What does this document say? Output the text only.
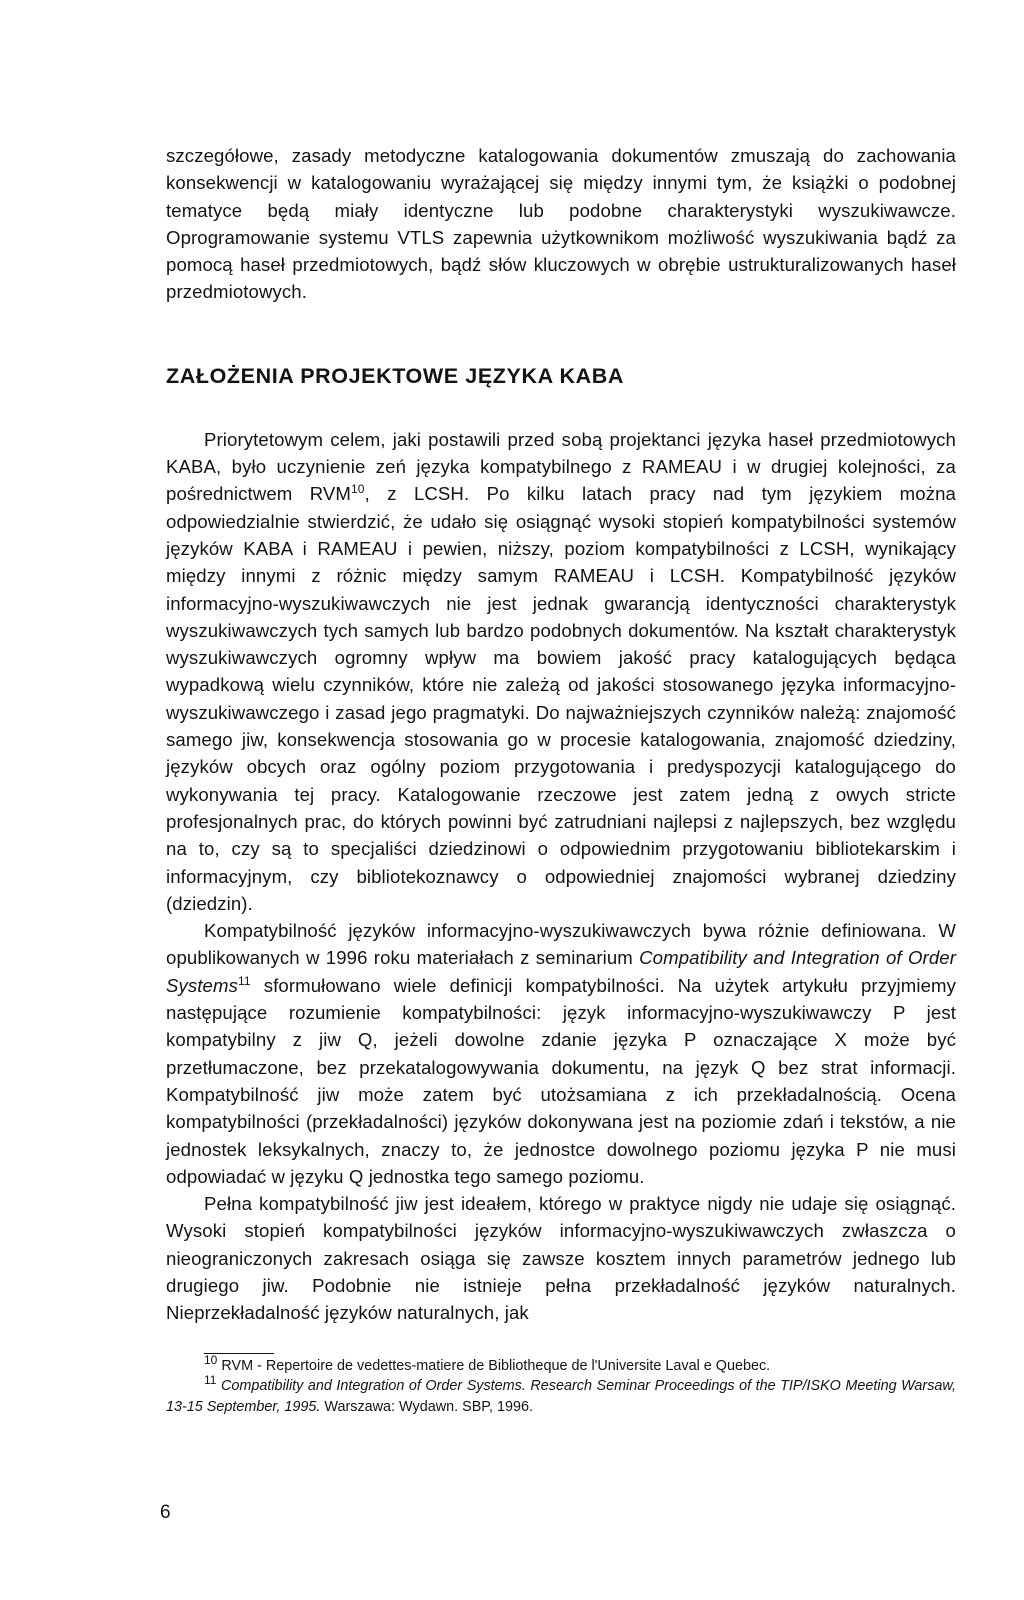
szczegółowe, zasady metodyczne katalogowania dokumentów zmuszają do zachowania konsekwencji w katalogowaniu wyrażającej się między innymi tym, że książki o podobnej tematyce będą miały identyczne lub podobne charakterystyki wyszukiwawcze. Oprogramowanie systemu VTLS zapewnia użytkownikom możliwość wyszukiwania bądź za pomocą haseł przedmiotowych, bądź słów kluczowych w obrębie ustrukturalizowanych haseł przedmiotowych.

ZAŁOŻENIA PROJEKTOWE JĘZYKA KABA

Priorytetowym celem, jaki postawili przed sobą projektanci języka haseł przedmiotowych KABA, było uczynienie zeń języka kompatybilnego z RAMEAU i w drugiej kolejności, za pośrednictwem RVM$^{10}$, z LCSH. Po kilku latach pracy nad tym językiem można odpowiedzialnie stwierdzić, że udało się osiągnąć wysoki stopień kompatybilności systemów języków KABA i RAMEAU i pewien, niższy, poziom kompatybilności z LCSH, wynikający między innymi z różnic między samym RAMEAU i LCSH. Kompatybilność języków informacyjno-wyszukiwawczych nie jest jednak gwarancją identyczności charakterystyk wyszukiwawczych tych samych lub bardzo podobnych dokumentów. Na kształt charakterystyk wyszukiwawczych ogromny wpływ ma bowiem jakość pracy katalogujących będąca wypadkową wielu czynników, które nie zależą od jakości stosowanego języka informacyjno-wyszukiwawczego i zasad jego pragmatyki. Do najważniejszych czynników należą: znajomość samego jiw, konsekwencja stosowania go w procesie katalogowania, znajomość dziedziny, języków obcych oraz ogólny poziom przygotowania i predyspozycji katalogującego do wykonywania tej pracy. Katalogowanie rzeczowe jest zatem jedną z owych stricte profesjonalnych prac, do których powinni być zatrudniani najlepsi z najlepszych, bez względu na to, czy są to specjaliści dziedzinowi o odpowiednim przygotowaniu bibliotekarskim i informacyjnym, czy bibliotekoznawcy o odpowiedniej znajomości wybranej dziedziny (dziedzin).

Kompatybilność języków informacyjno-wyszukiwawczych bywa różnie definiowana. W opublikowanych w 1996 roku materiałach z seminarium Compatibility and Integration of Order Systems$^{11}$ sformułowano wiele definicji kompatybilności. Na użytek artykułu przyjmiemy następujące rozumienie kompatybilności: język informacyjno-wyszukiwawczy P jest kompatybilny z jiw Q, jeżeli dowolne zdanie języka P oznaczające X może być przetłumaczone, bez przekatalogowywania dokumentu, na język Q bez strat informacji. Kompatybilność jiw może zatem być utożsamiana z ich przekładalnością. Ocena kompatybilności (przekładalności) języków dokonywana jest na poziomie zdań i tekstów, a nie jednostek leksykalnych, znaczy to, że jednostce dowolnego poziomu języka P nie musi odpowiadać w języku Q jednostka tego samego poziomu.

Pełna kompatybilność jiw jest ideałem, którego w praktyce nigdy nie udaje się osiągnąć. Wysoki stopień kompatybilności języków informacyjno-wyszukiwawczych zwłaszcza o nieograniczonych zakresach osiąga się zawsze kosztem innych parametrów jednego lub drugiego jiw. Podobnie nie istnieje pełna przekładalność języków naturalnych. Nieprzekładalność języków naturalnych, jak

$^{10}$ RVM - Repertoire de vedettes-matiere de Bibliotheque de l'Universite Laval e Quebec.

$^{11}$ Compatibility and Integration of Order Systems. Research Seminar Proceedings of the TIP/ISKO Meeting Warsaw, 13-15 September, 1995. Warszawa: Wydawn. SBP, 1996.

6
